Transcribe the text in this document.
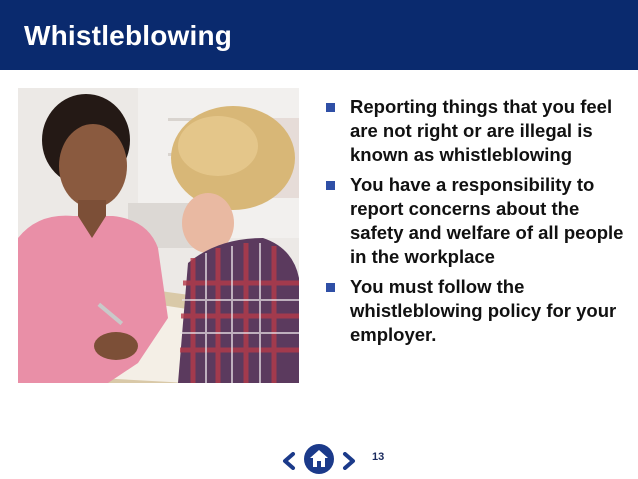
Whistleblowing
Reporting things that you feel are not right or are illegal is known as whistleblowing
You have a responsibility to report concerns about the safety and welfare of all people in the workplace
You must follow the whistleblowing policy for your employer.
13
